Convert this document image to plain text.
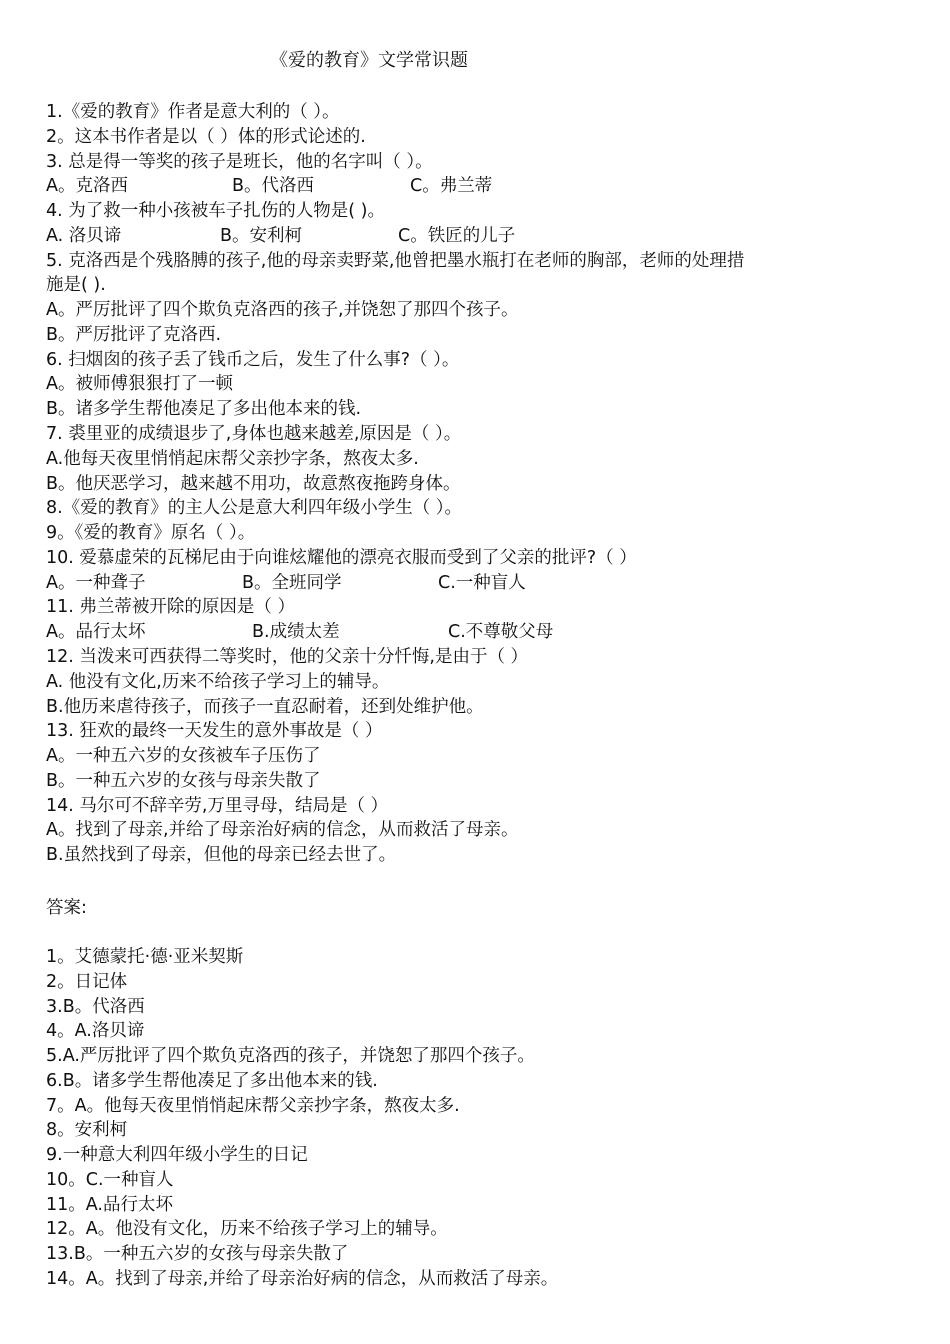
《爱的教育》文学常识题
1.《爱的教育》作者是意大利的（ ）。
2。这本书作者是以（ ）体的形式论述的.
3. 总是得一等奖的孩子是班长，他的名字叫（ ）。
A。克洛西	B。代洛西	C。弗兰蒂
4. 为了救一种小孩被车子扎伤的人物是( )。
A. 洛贝谛	B。安利柯	C。铁匠的儿子
5. 克洛西是个残胳膊的孩子,他的母亲卖野菜,他曾把墨水瓶打在老师的胸部，老师的处理措
施是( ).
A。严厉批评了四个欺负克洛西的孩子,并饶恕了那四个孩子。
B。严厉批评了克洛西.
6. 扫烟囱的孩子丢了钱币之后，发生了什么事?（ ）。
A。被师傅狠狠打了一顿
B。诸多学生帮他凑足了多出他本来的钱.
7. 裘里亚的成绩退步了,身体也越来越差,原因是（ ）。
A.他每天夜里悄悄起床帮父亲抄字条，熬夜太多.
B。他厌恶学习，越来越不用功，故意熬夜拖跨身体。
8.《爱的教育》的主人公是意大利四年级小学生（ ）。
9。《爱的教育》原名（ ）。
10. 爱慕虚荣的瓦梯尼由于向谁炫耀他的漂亮衣服而受到了父亲的批评?（ ）
A。一种聋子	B。全班同学	C.一种盲人
11. 弗兰蒂被开除的原因是（ ）
A。品行太坏	B.成绩太差	C.不尊敬父母
12. 当泼来可西获得二等奖时，他的父亲十分忏悔,是由于（ ）
A. 他没有文化,历来不给孩子学习上的辅导。
B.他历来虐待孩子，而孩子一直忍耐着，还到处维护他。
13. 狂欢的最终一天发生的意外事故是（ ）
A。一种五六岁的女孩被车子压伤了
B。一种五六岁的女孩与母亲失散了
14. 马尔可不辞辛劳,万里寻母，结局是（ ）
A。找到了母亲,并给了母亲治好病的信念，从而救活了母亲。
B.虽然找到了母亲，但他的母亲已经去世了。
答案:
1。艾德蒙托·德·亚米契斯
2。日记体
3.B。代洛西
4。A.洛贝谛
5.A.严厉批评了四个欺负克洛西的孩子，并饶恕了那四个孩子。
6.B。诸多学生帮他凑足了多出他本来的钱.
7。A。他每天夜里悄悄起床帮父亲抄字条，熬夜太多.
8。安利柯
9.一种意大利四年级小学生的日记
10。C.一种盲人
11。A.品行太坏
12。A。他没有文化，历来不给孩子学习上的辅导。
13.B。一种五六岁的女孩与母亲失散了
14。A。找到了母亲,并给了母亲治好病的信念，从而救活了母亲。
